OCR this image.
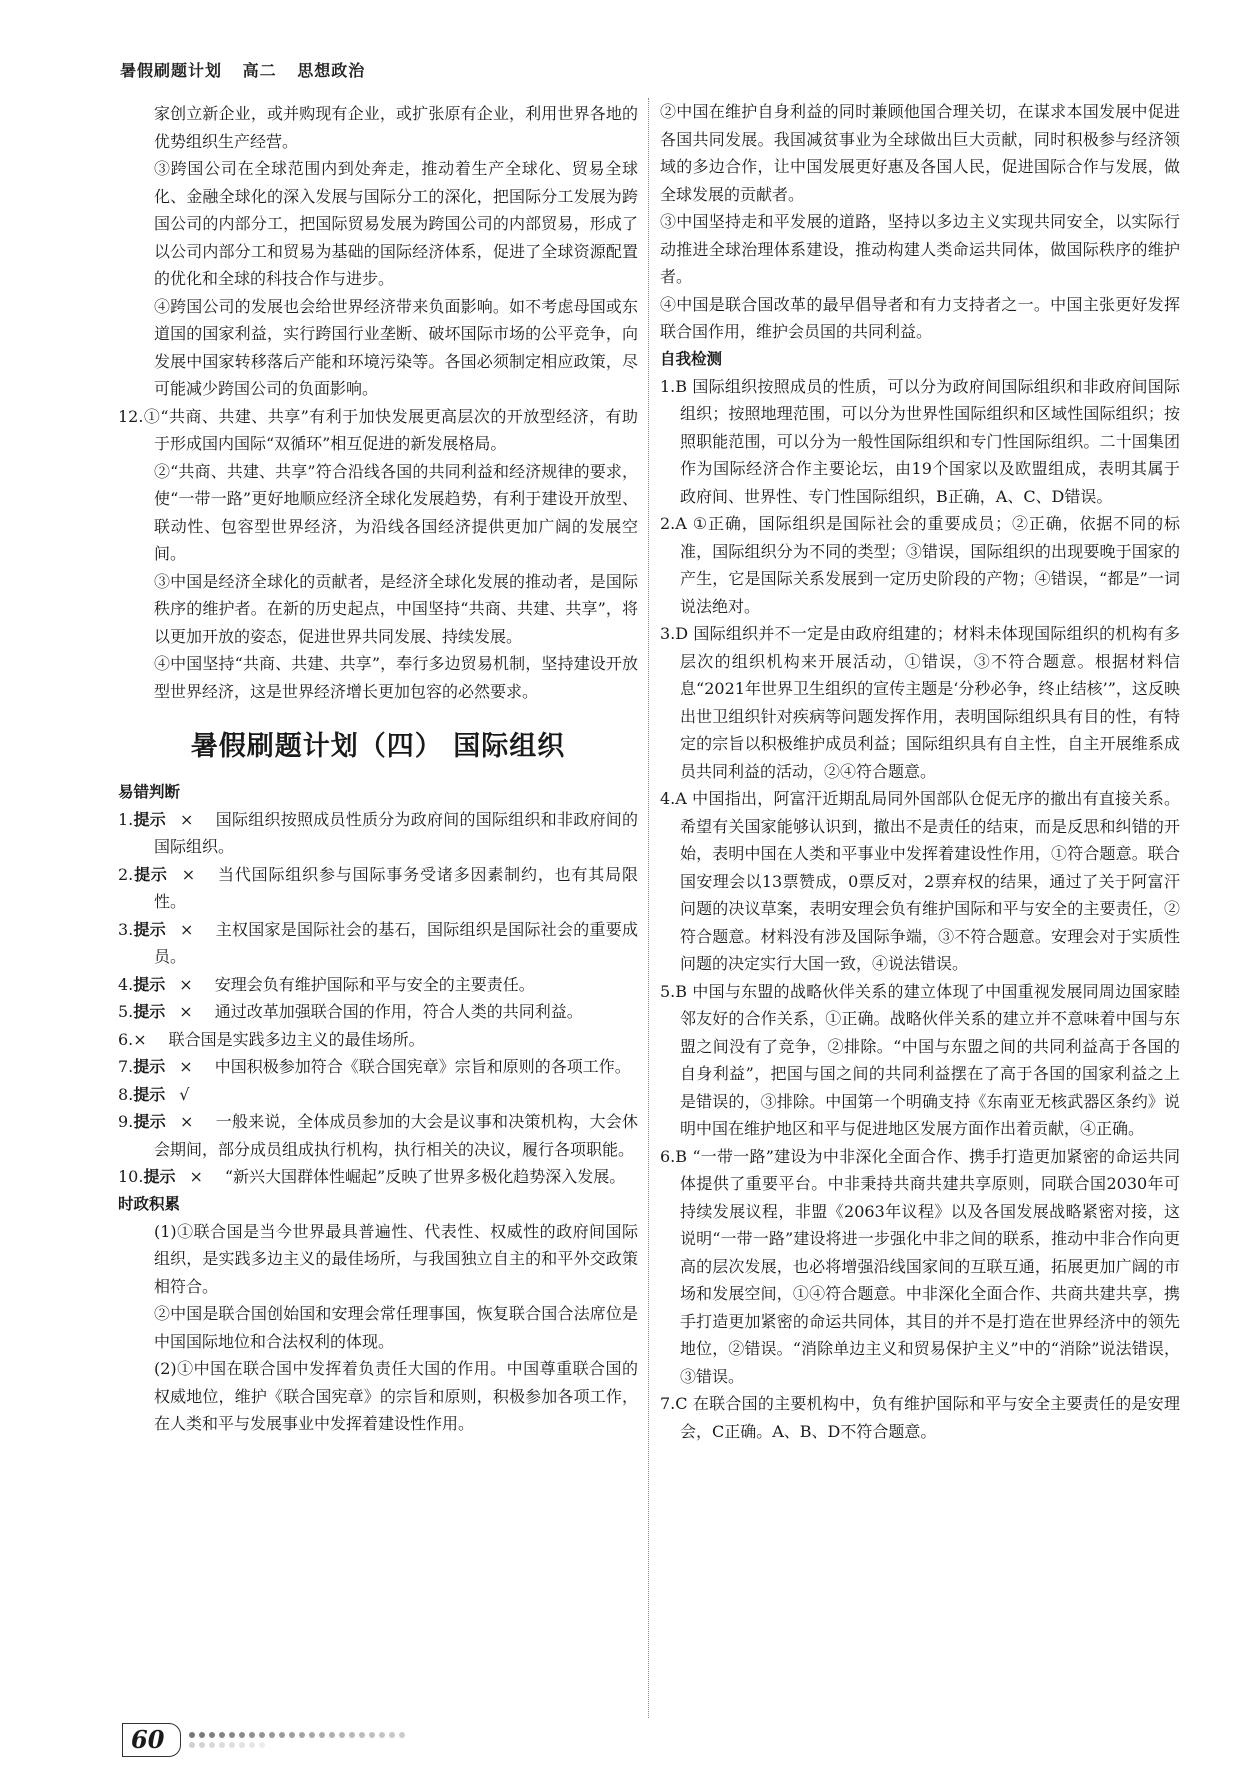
暑假刷题计划 高二 思想政治

家创立新企业，或并购现有企业，或扩张原有企业，利用世界各地的优势组织生产经营。

③跨国公司在全球范围内到处奔走，推动着生产全球化、贸易全球化、金融全球化的深入发展与国际分工的深化，把国际分工发展为跨国公司的内部分工，把国际贸易发展为跨国公司的内部贸易，形成了以公司内部分工和贸易为基础的国际经济体系，促进了全球资源配置的优化和全球的科技合作与进步。

④跨国公司的发展也会给世界经济带来负面影响。如不考虑母国或东道国的国家利益，实行跨国行业垄断、破坏国际市场的公平竞争，向发展中国家转移落后产能和环境污染等。各国必须制定相应政策，尽可能减少跨国公司的负面影响。

12.①“共商、共建、共享”有利于加快发展更高层次的开放型经济，有助于形成国内国际“双循环”相互促进的新发展格局。

②“共商、共建、共享”符合沿线各国的共同利益和经济规律的要求，使“一带一路”更好地顺应经济全球化发展趋势，有利于建设开放型、联动性、包容型世界经济，为沿线各国经济提供更加广阔的发展空间。

③中国是经济全球化的贡献者，是经济全球化发展的推动者，是国际秩序的维护者。在新的历史起点，中国坚持“共商、共建、共享”，将以更加开放的姿态，促进世界共同发展、持续发展。

④中国坚持“共商、共建、共享”，奉行多边贸易机制，坚持建设开放型世界经济，这是世界经济增长更加包容的必然要求。

暑假刷题计划（四） 国际组织

易错判断

1.提示 × 国际组织按照成员性质分为政府间的国际组织和非政府间的国际组织。

2.提示 × 当代国际组织参与国际事务受诸多因素制约，也有其局限性。

3.提示 × 主权国家是国际社会的基石，国际组织是国际社会的重要成员。

4.提示 × 安理会负有维护国际和平与安全的主要责任。

5.提示 × 通过改革加强联合国的作用，符合人类的共同利益。

6.× 联合国是实践多边主义的最佳场所。

7.提示 × 中国积极参加符合《联合国宪章》宗旨和原则的各项工作。

8.提示 √

9.提示 × 一般来说，全体成员参加的大会是议事和决策机构，大会休会期间，部分成员组成执行机构，执行相关的决议，履行各项职能。

10.提示 × “新兴大国群体性崛起”反映了世界多极化趋势深入发展。

时政积累

(1)①联合国是当今世界最具普遍性、代表性、权威性的政府间国际组织，是实践多边主义的最佳场所，与我国独立自主的和平外交政策相符合。

②中国是联合国创始国和安理会常任理事国，恢复联合国合法席位是中国国际地位和合法权利的体现。

(2)①中国在联合国中发挥着负责任大国的作用。中国尊重联合国的权威地位，维护《联合国宪章》的宗旨和原则，积极参加各项工作，在人类和平与发展事业中发挥着建设性作用。

②中国在维护自身利益的同时兼顾他国合理关切，在谋求本国发展中促进各国共同发展。我国减贫事业为全球做出巨大贡献，同时积极参与经济领域的多边合作，让中国发展更好惠及各国人民，促进国际合作与发展，做全球发展的贡献者。

③中国坚持走和平发展的道路，坚持以多边主义实现共同安全，以实际行动推进全球治理体系建设，推动构建人类命运共同体，做国际秩序的维护者。

④中国是联合国改革的最早倡导者和有力支持者之一。中国主张更好发挥联合国作用，维护会员国的共同利益。

自我检测

1.B 国际组织按照成员的性质，可以分为政府间国际组织和非政府间国际组织；按照地理范围，可以分为世界性国际组织和区域性国际组织；按照职能范围，可以分为一般性国际组织和专门性国际组织。二十国集团作为国际经济合作主要论坛，由19个国家以及欧盟组成，表明其属于政府间、世界性、专门性国际组织，B正确，A、C、D错误。

2.A ①正确，国际组织是国际社会的重要成员；②正确，依据不同的标准，国际组织分为不同的类型；③错误，国际组织的出现要晚于国家的产生，它是国际关系发展到一定历史阶段的产物；④错误，“都是”一词说法绝对。

3.D 国际组织并不一定是由政府组建的；材料未体现国际组织的机构有多层次的组织机构来开展活动，①错误，③不符合题意。根据材料信息“2021年世界卫生组织的宣传主题是‘分秒必争，终止结核’”，这反映出世卫组织针对疾病等问题发挥作用，表明国际组织具有目的性，有特定的宗旨以积极维护成员利益；国际组织具有自主性，自主开展维系成员共同利益的活动，②④符合题意。

4.A 中国指出，阿富汗近期乱局同外国部队仓促无序的撤出有直接关系。希望有关国家能够认识到，撤出不是责任的结束，而是反思和纠错的开始，表明中国在人类和平事业中发挥着建设性作用，①符合题意。联合国安理会以13票赞成，0票反对，2票弃权的结果，通过了关于阿富汗问题的决议草案，表明安理会负有维护国际和平与安全的主要责任，②符合题意。材料没有涉及国际争端，③不符合题意。安理会对于实质性问题的决定实行大国一致，④说法错误。

5.B 中国与东盟的战略伙伴关系的建立体现了中国重视发展同周边国家睦邻友好的合作关系，①正确。战略伙伴关系的建立并不意味着中国与东盟之间没有了竞争，②排除。“中国与东盟之间的共同利益高于各国的自身利益”，把国与国之间的共同利益摆在了高于各国的国家利益之上是错误的，③排除。中国第一个明确支持《东南亚无核武器区条约》说明中国在维护地区和平与促进地区发展方面作出着贡献，④正确。

6.B “一带一路”建设为中非深化全面合作、携手打造更加紧密的命运共同体提供了重要平台。中非秉持共商共建共享原则，同联合国2030年可持续发展议程，非盟《2063年议程》以及各国发展战略紧密对接，这说明“一带一路”建设将进一步强化中非之间的联系，推动中非合作向更高的层次发展，也必将增强沿线国家间的互联互通，拓展更加广阔的市场和发展空间，①④符合题意。中非深化全面合作、共商共建共享，携手打造更加紧密的命运共同体，其目的并不是打造在世界经济中的领先地位，②错误。“消除单边主义和贸易保护主义”中的“消除”说法错误，③错误。

7.C 在联合国的主要机构中，负有维护国际和平与安全主要责任的是安理会，C正确。A、B、D不符合题意。

60
